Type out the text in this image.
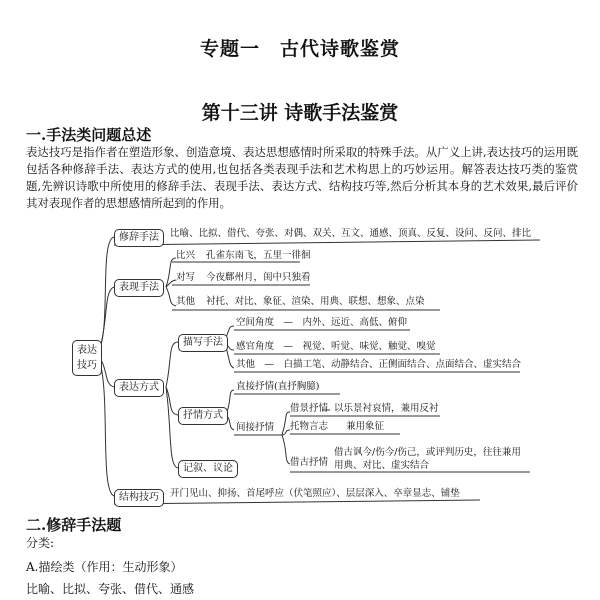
专题一　古代诗歌鉴赏
第十三讲 诗歌手法鉴赏
一.手法类问题总述
表达技巧是指作者在塑造形象、创造意境、表达思想感情时所采取的特殊手法。从广义上讲,表达技巧的运用既包括各种修辞手法、表达方式的使用,也包括各类表现手法和艺术构思上的巧妙运用。解答表达技巧类的鉴赏题,先辨识诗歌中所使用的修辞手法、表现手法、表达方式、结构技巧等,然后分析其本身的艺术效果,最后评价其对表现作者的思想感情所起到的作用。
表达
技巧
修辞手法	比喻、比拟、借代、夸张、对偶、双关、互文、通感、顶真、反复、设问、反问、排比
表现手法
比兴 孔雀东南飞，五里一徘徊
对写 今夜鄜州月，闺中只独看
其他 衬托、对比、象征、渲染、用典、联想、想象、点染
表达方式
描写手法
空间角度　—　内外、远近、高低、俯仰
感官角度　—　视觉、听觉、味觉、触觉、嗅觉
其他　—　白描工笔、动静结合、正侧面结合、点面结合、虚实结合
抒情方式
直接抒情(直抒胸臆)
间接抒情
借景抒情 以乐景衬哀情，兼用反衬
托物言志 兼用象征
借古抒情
借古讽今/伤今/伤己，或评判历史，往往兼用用典、对比、虚实结合
记叙、议论
结构技巧	开门见山、抑扬、首尾呼应（伏笔照应）、层层深入、卒章显志、铺垫
二.修辞手法题
分类:
A.描绘类（作用：生动形象）
比喻、比拟、夸张、借代、通感
